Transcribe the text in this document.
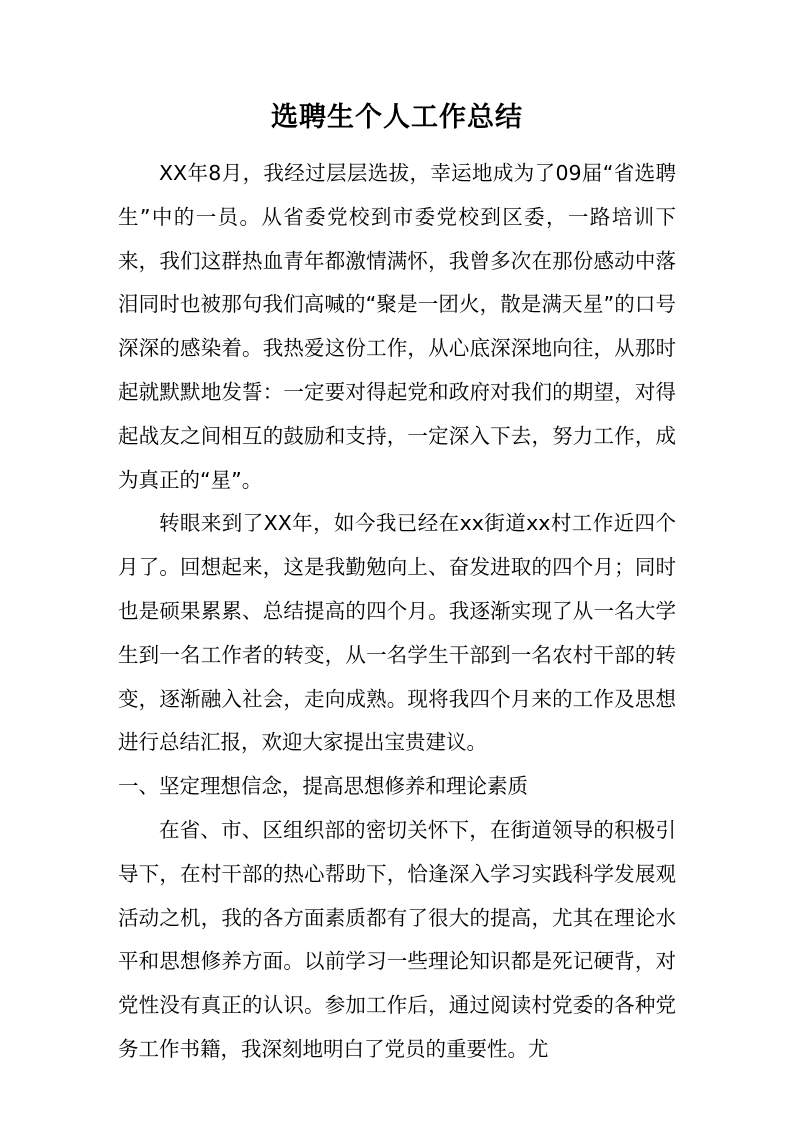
选聘生个人工作总结

XX年8月，我经过层层选拔，幸运地成为了09届“省选聘生”中的一员。从省委党校到市委党校到区委，一路培训下来，我们这群热血青年都激情满怀，我曾多次在那份感动中落泪同时也被那句我们高喊的“聚是一团火，散是满天星”的口号深深的感染着。我热爱这份工作，从心底深深地向往，从那时起就默默地发誓：一定要对得起党和政府对我们的期望，对得起战友之间相互的鼓励和支持，一定深入下去，努力工作，成为真正的“星”。

转眼来到了XX年，如今我已经在xx街道xx村工作近四个月了。回想起来，这是我勤勉向上、奋发进取的四个月；同时也是硕果累累、总结提高的四个月。我逐渐实现了从一名大学生到一名工作者的转变，从一名学生干部到一名农村干部的转变，逐渐融入社会，走向成熟。现将我四个月来的工作及思想进行总结汇报，欢迎大家提出宝贵建议。

一、坚定理想信念，提高思想修养和理论素质

在省、市、区组织部的密切关怀下，在街道领导的积极引导下，在村干部的热心帮助下，恰逢深入学习实践科学发展观活动之机，我的各方面素质都有了很大的提高，尤其在理论水平和思想修养方面。以前学习一些理论知识都是死记硬背，对党性没有真正的认识。参加工作后，通过阅读村党委的各种党务工作书籍，我深刻地明白了党员的重要性。尤
